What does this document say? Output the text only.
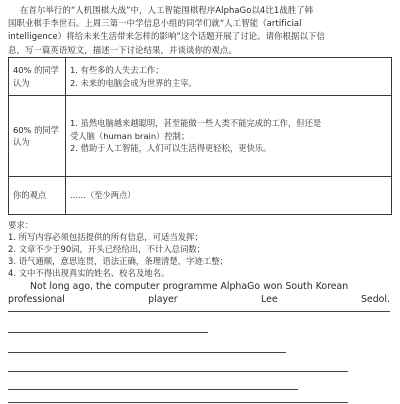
在首尔举行的“人机围棋大战”中，人工智能围棋程序AlphaGo以4比1战胜了韩
国职业棋手李世石。上周三第一中学信息小组的同学们就“人工智能（artificial
intelligence）将给未来生活带来怎样的影响”这个话题开展了讨论。请你根据以下信
息，写一篇英语短文，描述一下讨论结果，并谈谈你的观点。
40% 的同学
认为	1. 有些多的人失去工作；
2. 未来的电脑会成为世界的主宰。

60% 的同学
认为	1. 虽然电脑越来越聪明，甚至能做一些人类不能完成的工作，但还是
受人脑（human brain）控制；
2. 借助于人工智能，人们可以生活得更轻松，更快乐。

你的观点	......（至少两点）
要求：
1. 所写内容必须包括提供的所有信息，可适当发挥；
2. 文章不少于90词，开头已经给出，不计入总词数；
3. 语气通顺，意思连贯，语法正确，条理清楚，字迹工整；
4. 文中不得出现真实的姓名、校名及地名。
Not long ago, the computer programme AlphaGo won South Korean
professional	player	Lee	Sedol.
